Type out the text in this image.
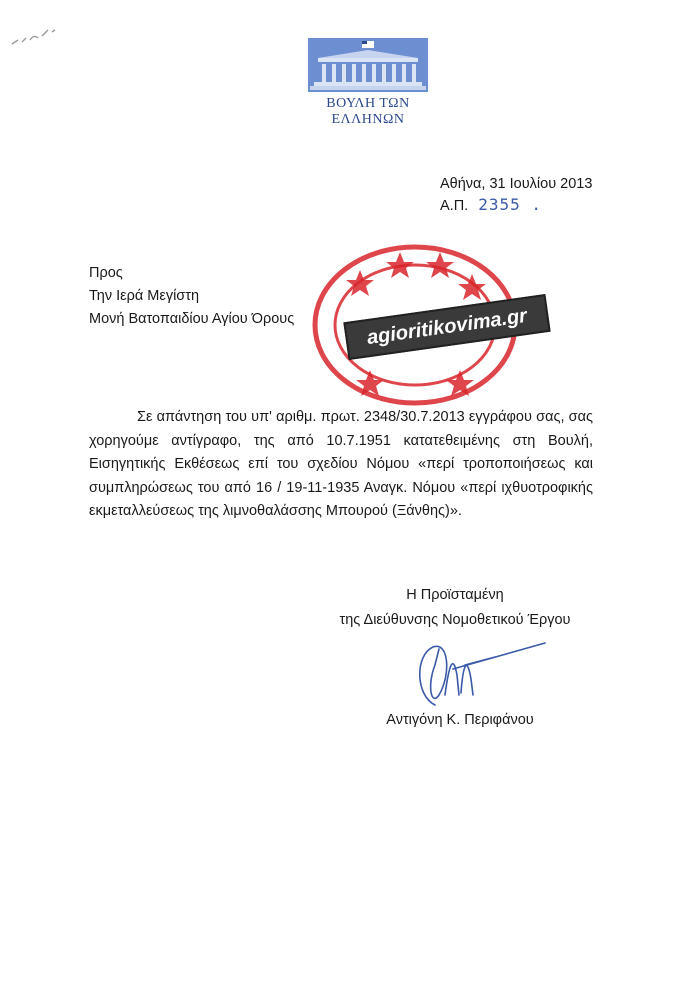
ΒΟΥΛΗ ΤΩΝ ΕΛΛΗΝΩΝ
Αθήνα, 31 Ιουλίου 2013
Α.Π. 2355 .
Προς
Την Ιερά Μεγίστη
Μονή Βατοπαιδίου Αγίου Όρους	agioritikovima.gr

Σε απάντηση του υπ' αριθμ. πρωτ. 2348/30.7.2013 εγγράφου σας, σας χορηγούμε αντίγραφο, της από 10.7.1951 κατατεθειμένης στη Βουλή, Εισηγητικής Εκθέσεως επί του σχεδίου Νόμου «περί τροποποιήσεως και συμπληρώσεως του από 16 / 19-11-1935 Αναγκ. Νόμου «περί ιχθυοτροφικής εκμεταλλεύσεως της λιμνοθαλάσσης Μπουρού (Ξάνθης)».

Η Προϊσταμένη
της Διεύθυνσης Νομοθετικού Έργου
Αντιγόνη Κ. Περιφάνου
